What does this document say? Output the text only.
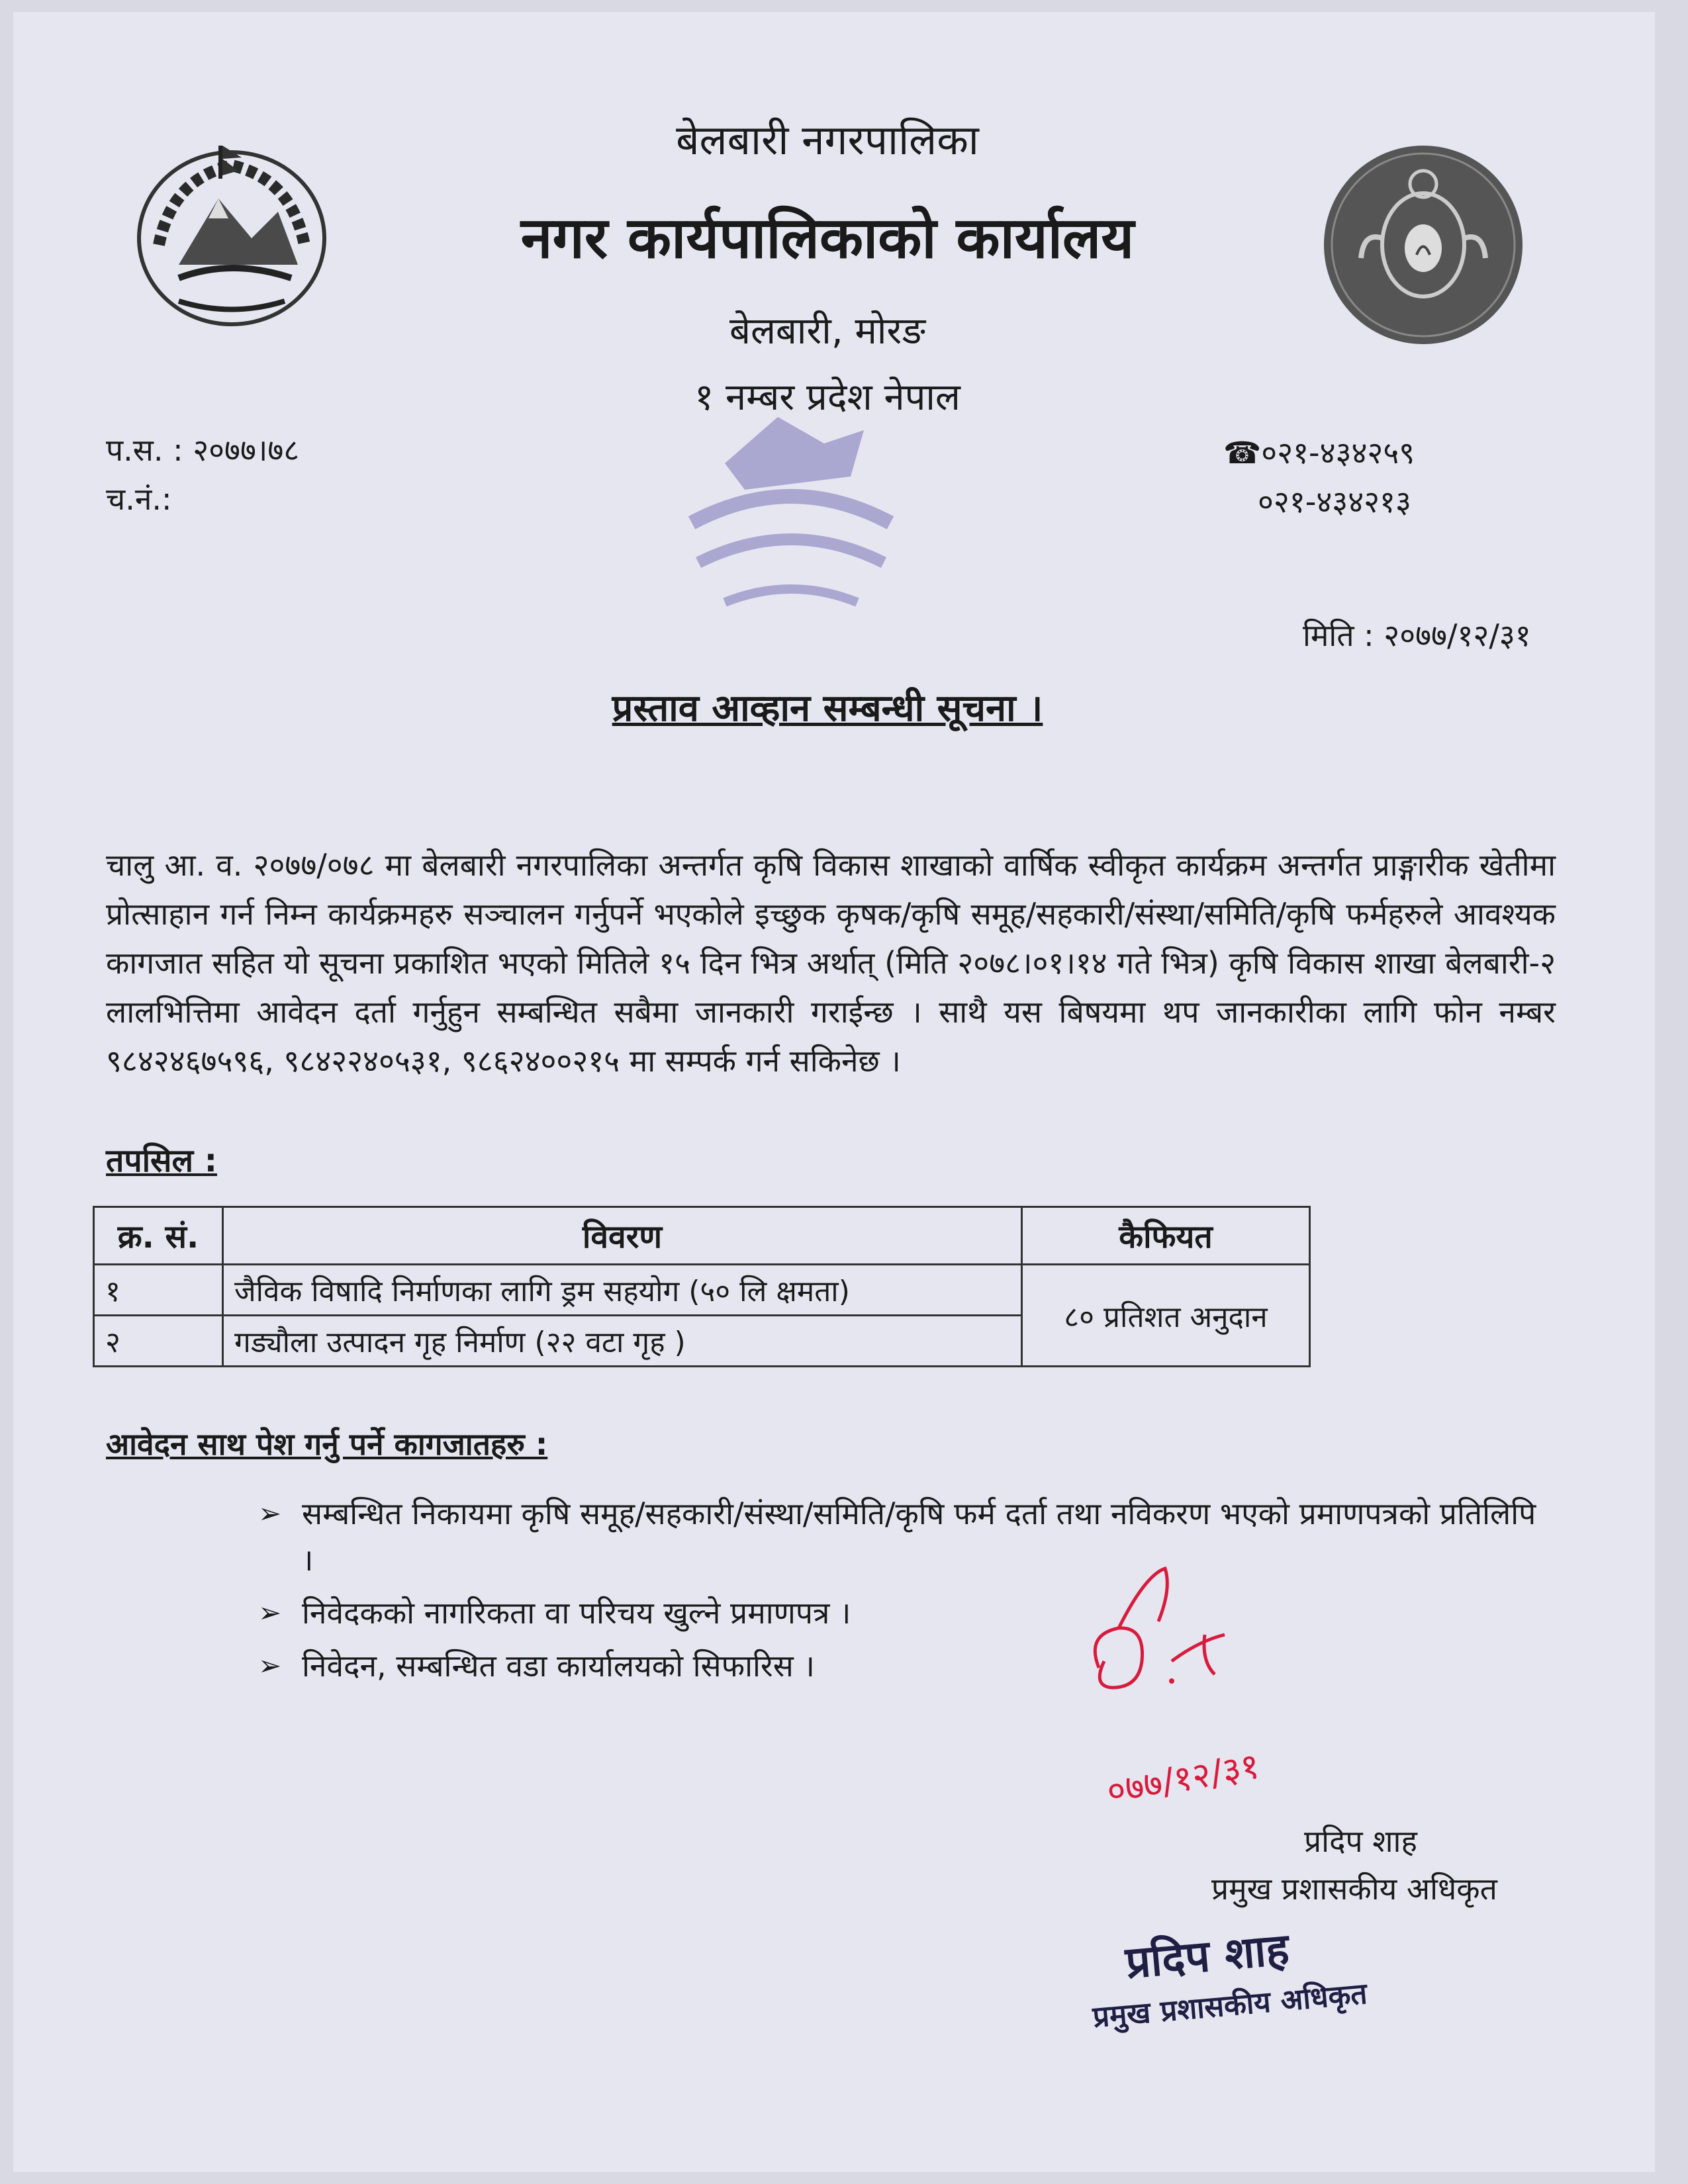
०७७/१२/३१
बेलबारी नगरपालिका
नगर कार्यपालिकाको कार्यालय
बेलबारी, मोरङ
१ नम्बर प्रदेश नेपाल
प.स. : २०७७।७८
च.नं.:
☎०२१-४३४२५९
०२१-४३४२१३
मिति : २०७७/१२/३१
प्रस्ताव आव्हान सम्बन्धी सूचना ।
चालु आ. व. २०७७/०७८ मा बेलबारी नगरपालिका अन्तर्गत कृषि विकास शाखाको वार्षिक स्वीकृत कार्यक्रम अन्तर्गत प्राङ्गारीक खेतीमा प्रोत्साहान गर्न निम्न कार्यक्रमहरु सञ्चालन गर्नुपर्ने भएकोले इच्छुक कृषक/कृषि समूह/सहकारी/संस्था/समिति/कृषि फर्महरुले आवश्यक कागजात सहित यो सूचना प्रकाशित भएको मितिले १५ दिन भित्र अर्थात् (मिति २०७८।०१।१४ गते भित्र) कृषि विकास शाखा बेलबारी-२ लालभित्तिमा आवेदन दर्ता गर्नुहुन सम्बन्धित सबैमा जानकारी गराईन्छ । साथै यस बिषयमा थप जानकारीका लागि फोन नम्बर ९८४२४६७५९६, ९८४२२४०५३१, ९८६२४००२१५ मा सम्पर्क गर्न सकिनेछ ।
तपसिल :
क्र. सं.	विवरण	कैफियत
१	जैविक विषादि निर्माणका लागि ड्रम सहयोग (५० लि क्षमता)	८० प्रतिशत अनुदान
२	गड्यौला उत्पादन गृह निर्माण (२२ वटा गृह )	
आवेदन साथ पेश गर्नु पर्ने कागजातहरु :
➢ सम्बन्धित निकायमा कृषि समूह/सहकारी/संस्था/समिति/कृषि फर्म दर्ता तथा नविकरण भएको प्रमाणपत्रको प्रतिलिपि ।
➢ निवेदकको नागरिकता वा परिचय खुल्ने प्रमाणपत्र ।
➢ निवेदन, सम्बन्धित वडा कार्यालयको सिफारिस ।
प्रदिप शाह
प्रमुख प्रशासकीय अधिकृत
प्रदिप शाह
प्रमुख प्रशासकीय अधिकृत
